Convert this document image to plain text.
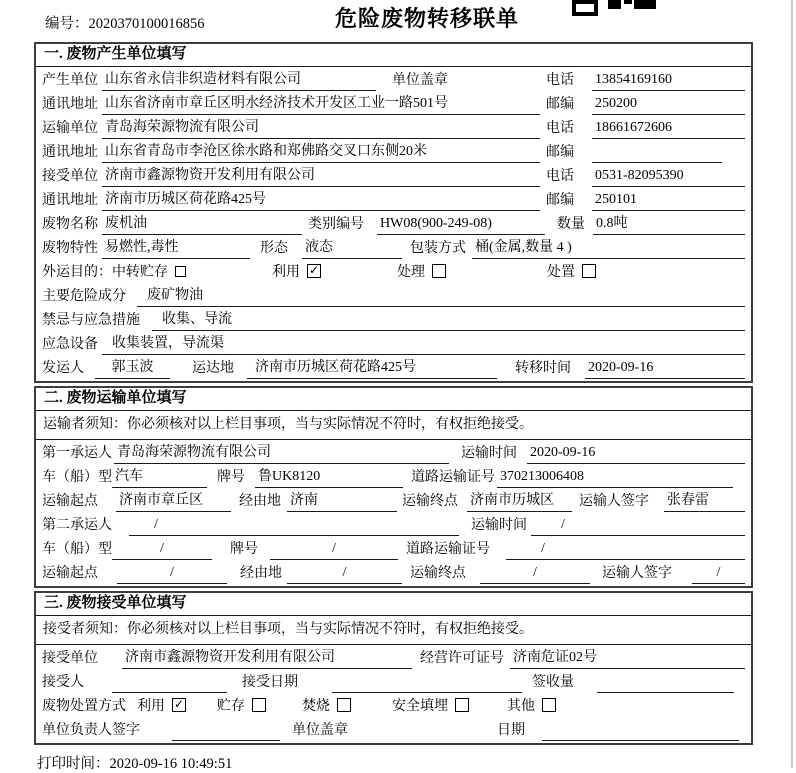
编号：2020370100016856	危险废物转移联单
一. 废物产生单位填写
产生单位 山东省永信非织造材料有限公司	单位盖章	电话	13854169160
通讯地址 山东省济南市章丘区明水经济技术开发区工业一路501号	邮编	250200
运输单位 青岛海荣源物流有限公司	电话	18661672606
通讯地址 山东省青岛市李沧区徐水路和郑佛路交叉口东侧20米	邮编
接受单位 济南市鑫源物资开发利用有限公司	电话	0531-82095390
通讯地址 济南市历城区荷花路425号	邮编	250101
废物名称 废机油	类别编号	HW08(900-249-08)	数量 0.8吨
废物特性 易燃性,毒性	形态	液态	包装方式 桶(金属,数量 4 )
外运目的： 中转贮存	利用 ✓	处理	处置
主要危险成分	废矿物油
禁忌与应急措施	收集、导流
应急设备	收集装置，导流渠
发运人	郭玉波	运达地	济南市历城区荷花路425号	转移时间	2020-09-16
二. 废物运输单位填写
运输者须知：你必须核对以上栏目事项，当与实际情况不符时，有权拒绝接受。
第一承运人 青岛海荣源物流有限公司	运输时间 2020-09-16
车（船）型 汽车	牌号 鲁UK8120	道路运输证号 370213006408
运输起点	济南市章丘区	经由地 济南	运输终点 济南市历城区	运输人签字	张春雷
第二承运人	/	运输时间	/
车（船）型	/	牌号	/	道路运输证号	/
运输起点	/	经由地	/	运输终点	/	运输人签字	/
三. 废物接受单位填写
接受者须知：你必须核对以上栏目事项，当与实际情况不符时，有权拒绝接受。
接受单位	济南市鑫源物资开发利用有限公司	经营许可证号 济南危证02号
接受人	接受日期	签收量
废物处置方式 利用 ✓	贮存	焚烧	安全填埋	其他
单位负责人签字	单位盖章	日期
打印时间：2020-09-16 10:49:51
